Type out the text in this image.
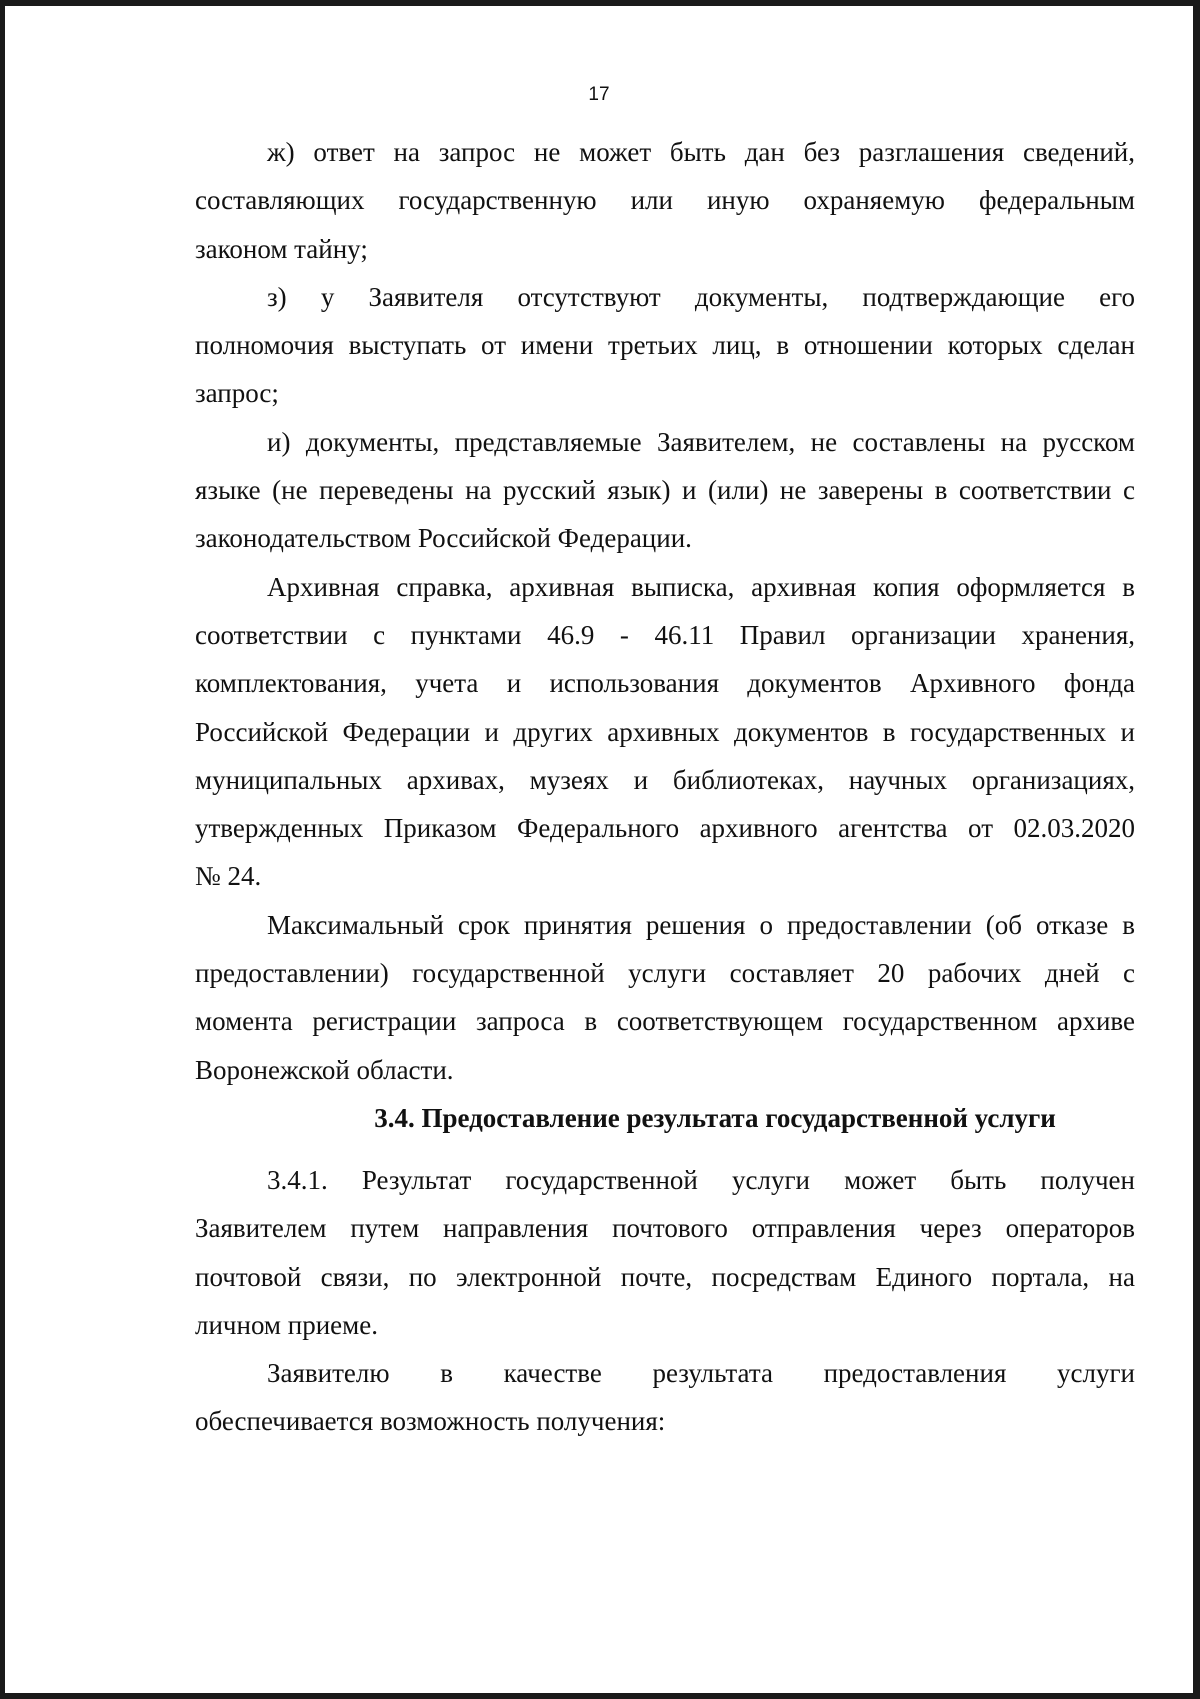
17
ж) ответ на запрос не может быть дан без разглашения сведений,
составляющих государственную или иную охраняемую федеральным
законом тайну;
з) у Заявителя отсутствуют документы, подтверждающие его
полномочия выступать от имени третьих лиц, в отношении которых сделан
запрос;
и) документы, представляемые Заявителем, не составлены на русском
языке (не переведены на русский язык) и (или) не заверены в соответствии с
законодательством Российской Федерации.
Архивная справка, архивная выписка, архивная копия оформляется в
соответствии с пунктами 46.9 - 46.11 Правил организации хранения,
комплектования, учета и использования документов Архивного фонда
Российской Федерации и других архивных документов в государственных и
муниципальных архивах, музеях и библиотеках, научных организациях,
утвержденных Приказом Федерального архивного агентства от 02.03.2020
№ 24.
Максимальный срок принятия решения о предоставлении (об отказе в
предоставлении) государственной услуги составляет 20 рабочих дней с
момента регистрации запроса в соответствующем государственном архиве
Воронежской области.
3.4. Предоставление результата государственной услуги
3.4.1. Результат государственной услуги может быть получен
Заявителем путем направления почтового отправления через операторов
почтовой связи, по электронной почте, посредствам Единого портала, на
личном приеме.
Заявителю в качестве результата предоставления услуги
обеспечивается возможность получения:
